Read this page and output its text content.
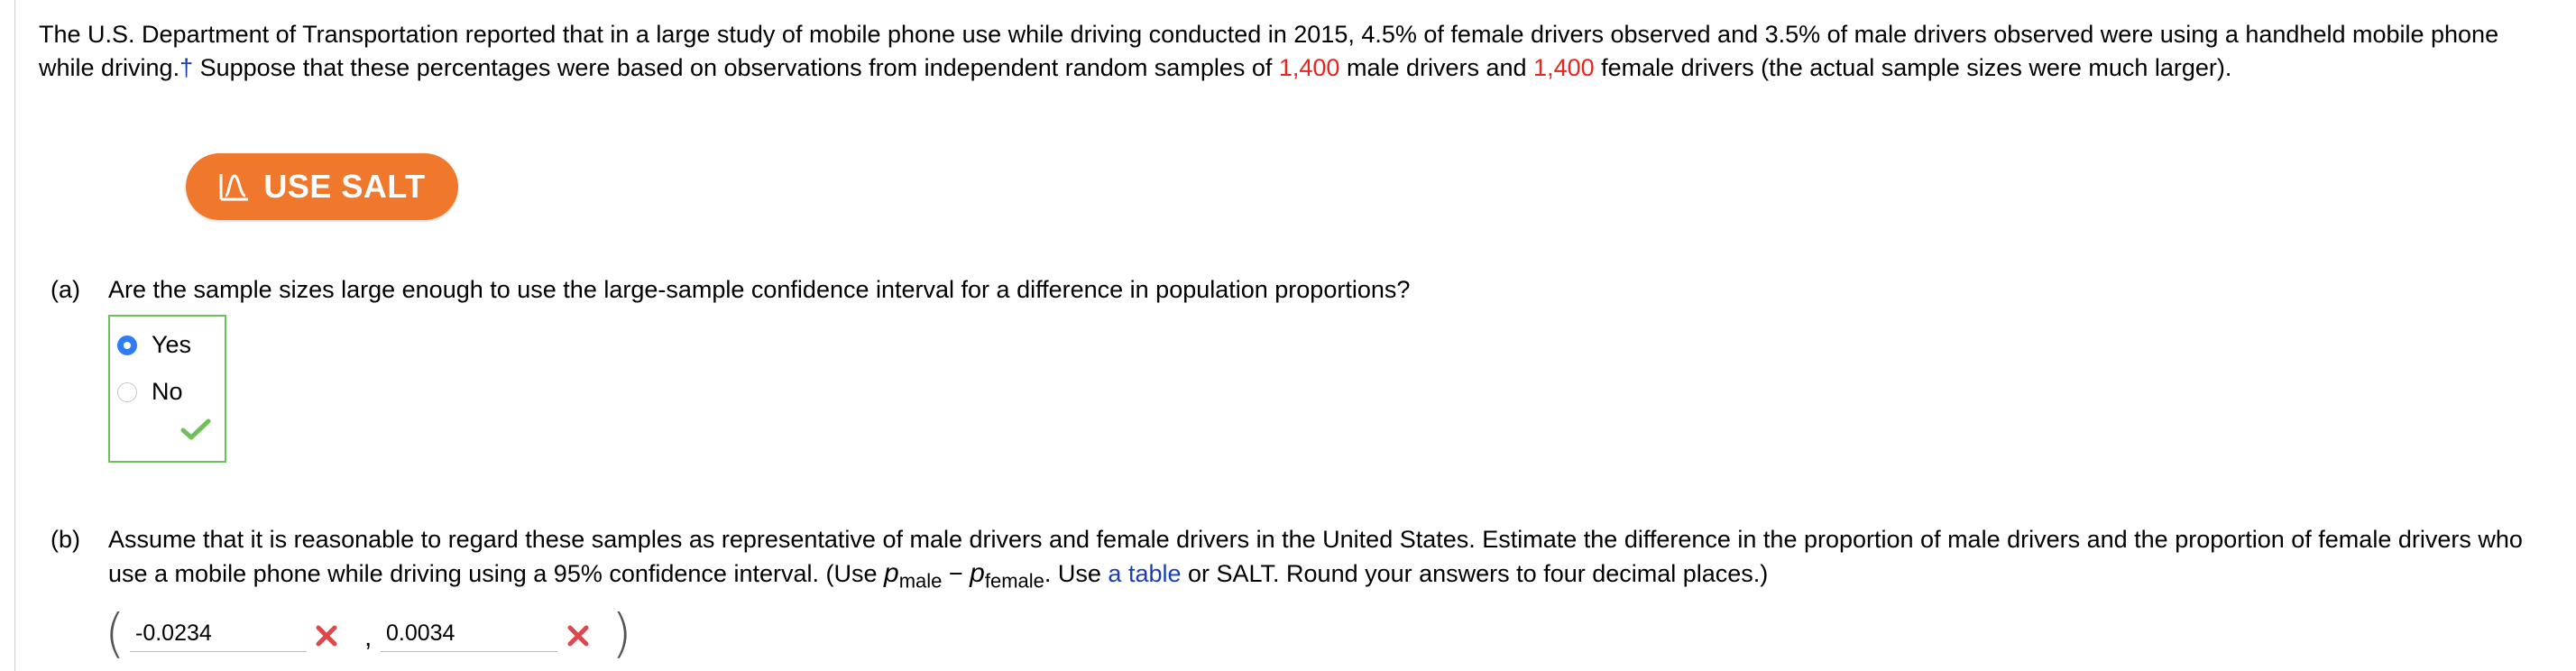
The U.S. Department of Transportation reported that in a large study of mobile phone use while driving conducted in 2015, 4.5% of female drivers observed and 3.5% of male drivers observed were using a handheld mobile phone while driving.† Suppose that these percentages were based on observations from independent random samples of 1,400 male drivers and 1,400 female drivers (the actual sample sizes were much larger).
USE SALT
(a) Are the sample sizes large enough to use the large-sample confidence interval for a difference in population proportions?
Yes
No
(b) Assume that it is reasonable to regard these samples as representative of male drivers and female drivers in the United States. Estimate the difference in the proportion of male drivers and the proportion of female drivers who use a mobile phone while driving using a 95% confidence interval. (Use $p_{male} - p_{female}$. Use a table or SALT. Round your answers to four decimal places.)
(
-0.0234	,
0.0034	)
